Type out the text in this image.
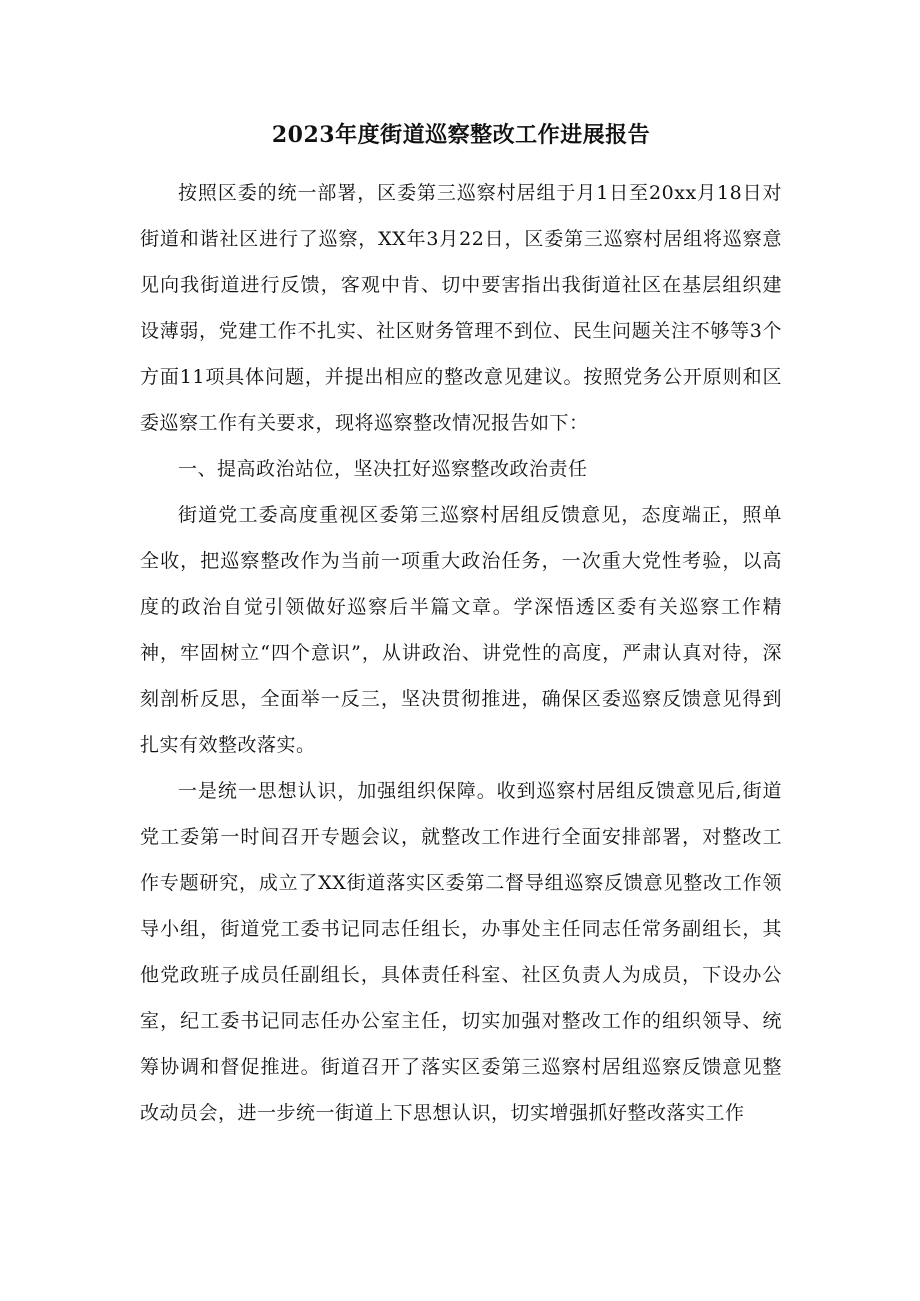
2023年度街道巡察整改工作进展报告

按照区委的统一部署，区委第三巡察村居组于月1日至20xx月18日对街道和谐社区进行了巡察，XX年3月22日，区委第三巡察村居组将巡察意见向我街道进行反馈，客观中肯、切中要害指出我街道社区在基层组织建设薄弱，党建工作不扎实、社区财务管理不到位、民生问题关注不够等3个方面11项具体问题，并提出相应的整改意见建议。按照党务公开原则和区委巡察工作有关要求，现将巡察整改情况报告如下：

一、提高政治站位，坚决扛好巡察整改政治责任

街道党工委高度重视区委第三巡察村居组反馈意见，态度端正，照单全收，把巡察整改作为当前一项重大政治任务，一次重大党性考验，以高度的政治自觉引领做好巡察后半篇文章。学深悟透区委有关巡察工作精神，牢固树立“四个意识”，从讲政治、讲党性的高度，严肃认真对待，深刻剖析反思，全面举一反三，坚决贯彻推进，确保区委巡察反馈意见得到扎实有效整改落实。

一是统一思想认识，加强组织保障。收到巡察村居组反馈意见后,街道党工委第一时间召开专题会议，就整改工作进行全面安排部署，对整改工作专题研究，成立了XX街道落实区委第二督导组巡察反馈意见整改工作领导小组，街道党工委书记同志任组长，办事处主任同志任常务副组长，其他党政班子成员任副组长，具体责任科室、社区负责人为成员，下设办公室，纪工委书记同志任办公室主任，切实加强对整改工作的组织领导、统筹协调和督促推进。街道召开了落实区委第三巡察村居组巡察反馈意见整改动员会，进一步统一街道上下思想认识，切实增强抓好整改落实工作
